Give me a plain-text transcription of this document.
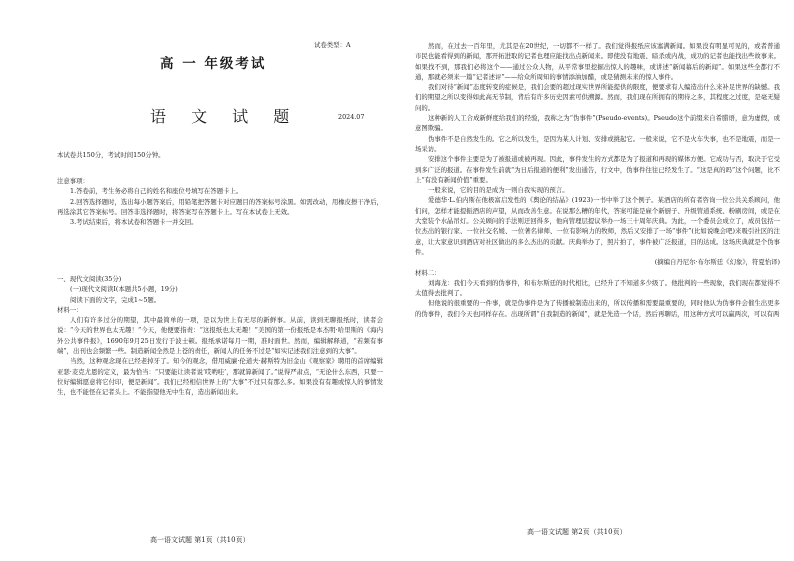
试卷类型：A
高 一 年级考试
语 文 试 题	2024.07
本试卷共150分，考试时间150分钟。

注意事项：

1.答卷前，考生务必将自己的姓名和座位号填写在答题卡上。

2.回答选择题时，选出每小题答案后，用铅笔把答题卡对应题目的答案标号涂黑。如需改动，用橡皮擦干净后，再选涂其它答案标号。回答非选择题时，将答案写在答题卡上。写在本试卷上无效。

3.考试结束后，将本试卷和答题卡一并交回。

一、现代文阅读(35分)

(一)现代文阅读Ⅰ(本题共5小题，19分)

阅读下面的文字，完成1~5题。

材料一：

人们有许多过分的期望，其中最简单的一项，是以为世上有无尽的新鲜事。从前，读到无聊报纸时，读者会说：“今天的世界也太无趣！”今天，他便要指责：“这报纸也太无趣！”美国的第一份报纸是本杰明·哈里斯的《海内外公共事件报》，1690年9月25日发行于波士顿。报纸承诺每月一期，准时面世。然而，编辑解释道，“若频有事端”，出刊也会频繁一些。制造新闻全然是上苍的责任，新闻人的任务不过是“如实记述我们注意到的大事”。

当然，这种观念现在已经老掉牙了。知今的观念，借用威廉·伦道夫·赫斯特为旧金山《观察家》聘用的首席编辑亚瑟·麦克尤恩的定义，最为恰当：“只要能让读者说‘哎哟哇’，那就算新闻了。”说得严肃点，“无论什么东西，只要一位好编辑愿意将它付印，便是新闻”。我们已经相信世界上的“大事”不过只有那么多。如果没有有趣或惊人的事情发生，也不能怪在记者头上。不能指望他无中生有，造出新闻出来。

高一语文试题 第1页（共10页）

然而，在过去一百年里，尤其是在20世纪，一切都不一样了。我们觉得报纸应该塞满新闻。如果没有明显可见的，或者普通市民也能看得到的新闻，那开拓进取的记者也理应能找出点新闻来。即使没有地震、暗杀或内战，成功的记者也能找出些故事来。如果找不到，那我们必将这个——通过公众人物，从平常事里挖掘出惊人的趣味，或讲述“新闻幕后的新闻”。如果这些全都行不通，那就必须来一篇“记者述评”——给众所周知的事情添油加醋，或是猜测未来的惊人事件。

我们对待“新闻”态度转变的症候是，我们会要的超过现实世界所能提供的限度，便要求有人编造出什么来补足世界的缺憾。我们的期望之所以变得如此高无节制，背后有许多历史因素可供溯源。然而，我们现在所拥有的期待之多，其程度之过度，是毫无疑问的。

这种新的人工合成新鲜度给我们的经验，我称之为“伪事件”(Pseudo-events)。Pseudo这个前缀来自希腊语，意为虚假，或意图欺骗。

伪事件不是自然发生的。它之所以发生，是因为某人计划、安排或挑起它。一般来说，它不是火车失事，也不是地震，而是一场采访。

安排这个事件主要是为了被报道或被再现。因此，事件发生的方式都是为了报道和再现的媒体方便。它成功与否，取决于它受到多广泛的报道。在事件发生前就“为日后报道的便利”发出通告，行文中，伪事件往往已经发生了。“这是真的吗”这个问题，比不上“有没有新闻价值”重要。

一般来说，它的目的是成为一则自我实现的预言。

爱德华·L.伯内斯在他极富启发性的《舆论的结晶》(1923)一书中举了这个例子。某酒店的所有者咨询一位公共关系顾问，他们问，怎样才能提振酒店的声望，从而改善生意。在说那么糟的年代，答案可能是雇个新厨子、升级管道系统、粉刷房间，或是在大堂装个水晶吊灯。公关顾问的手法则迂回得多，他向管理层提议举办一场三十周年庆典。为此，一个委员会成立了，成员包括一位杰出的银行家、一位社交名媛、一位著名律师、一位有影响力的牧师，然后又安排了一场“事件”(比如说晚会吧)来吸引社区的注意，让大家意识到酒店对社区做出的多么杰出的贡献。庆典举办了，照片拍了，事件被广泛报道，目的达成。这场庆典就是个伪事件。

(摘编自丹尼尔·布尔斯廷《幻象》，符夏怡译)

材料二：

刘海龙：我们今天看到的伪事件，和布尔斯廷的时代相比，已经升了不知道多少级了。他批判的一些现象，我们现在都觉得不太值得去批判了。

但他说的很重要的一件事，就是伪事件是为了传播被制造出来的，所以传播和需要最重要的，同时他认为伪事件会催生出更多的伪事件，我们今天也同样存在。出现所谓“自我制造的新闻”，就是先造一个话，然后再聊话，用这种方式可以赢两次，可以有两

高一语文试题 第2页（共10页）
